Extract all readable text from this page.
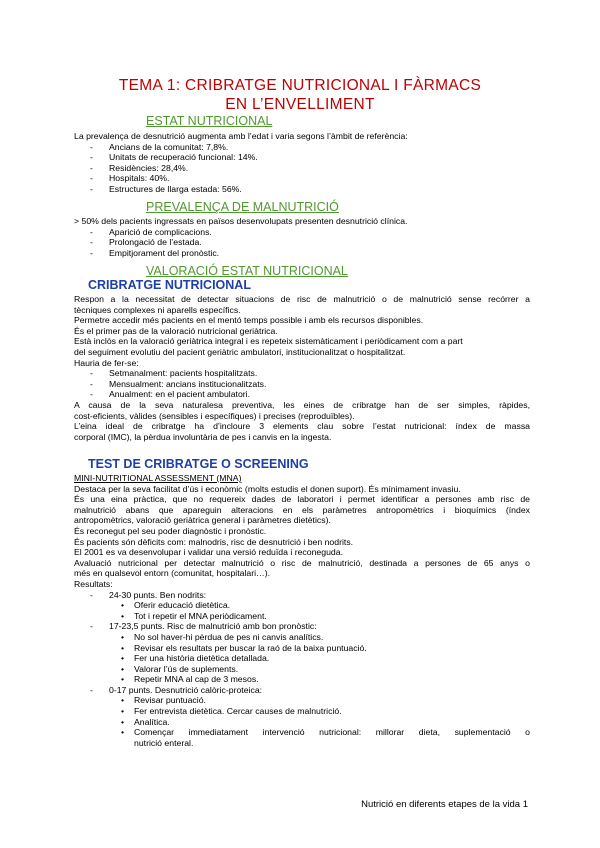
TEMA 1: CRIBRATGE NUTRICIONAL I FÀRMACS
EN L’ENVELLIMENT
ESTAT NUTRICIONAL
La prevalença de desnutrició augmenta amb l’edat i varia segons l’àmbit de referència:
- Ancians de la comunitat: 7,8%.
- Unitats de recuperació funcional: 14%.
- Residències: 28,4%.
- Hospitals: 40%.
- Estructures de llarga estada: 56%.
PREVALENÇA DE MALNUTRICIÓ
> 50% dels pacients ingressats en països desenvolupats presenten desnutrició clínica.
- Aparició de complicacions.
- Prolongació de l’estada.
- Empitjorament del pronòstic.
VALORACIÓ ESTAT NUTRICIONAL
CRIBRATGE NUTRICIONAL
Respon a la necessitat de detectar situacions de risc de malnutrició o de malnutrició sense recórrer a
tècniques complexes ni aparells específics.
Permetre accedir més pacients en el mentó temps possible i amb els recursos disponibles.
És el primer pas de la valoració nutricional geriàtrica.
Està inclòs en la valoració geriàtrica integral i es repeteix sistemàticament i periòdicament com a part
del seguiment evolutiu del pacient geriàtric ambulatori, institucionalitzat o hospitalitzat.
Hauria de fer-se:
- Setmanalment: pacients hospitalitzats.
- Mensualment: ancians institucionalitzats.
- Anualment: en el pacient ambulatori.
A causa de la seva naturalesa preventiva, les eines de cribratge han de ser simples, ràpides,
cost-eficients, vàlides (sensibles i específiques) i precises (reproduïbles).
L’eina ideal de cribratge ha d’incloure 3 elements clau sobre l’estat nutricional: índex de massa
corporal (IMC), la pèrdua involuntària de pes i canvis en la ingesta.
TEST DE CRIBRATGE O SCREENING
MINI-NUTRITIONAL ASSESSMENT (MNA)
Destaca per la seva facilitat d’ús i econòmic (molts estudis el donen suport). És mínimament invasiu.
És una eina pràctica, que no requereix dades de laboratori i permet identificar a persones amb risc de
malnutrició abans que apareguin alteracions en els paràmetres antropomètrics i bioquímics (índex
antropomètrics, valoració geriàtrica general i paràmetres dietètics).
És reconegut pel seu poder diagnòstic i pronòstic.
És pacients són dèficits com: malnodris, risc de desnutrició i ben nodrits.
El 2001 es va desenvolupar i validar una versió reduïda i reconeguda.
Avaluació nutricional per detectar malnutrició o risc de malnutrició, destinada a persones de 65 anys o
més en qualsevol entorn (comunitat, hospitalari…).
Resultats:
- 24-30 punts. Ben nodrits:
• Oferir educació dietètica.
• Tot i repetir el MNA periòdicament.
- 17-23,5 punts. Risc de malnutrició amb bon pronòstic:
• No sol haver-hi pèrdua de pes ni canvis analítics.
• Revisar els resultats per buscar la raó de la baixa puntuació.
• Fer una història dietètica detallada.
• Valorar l’ús de suplements.
• Repetir MNA al cap de 3 mesos.
- 0-17 punts. Desnutrició calòric-proteica:
• Revisar puntuació.
• Fer entrevista dietètica. Cercar causes de malnutrició.
• Analítica.
• Començar immediatament intervenció nutricional: millorar dieta, suplementació o
nutrició enteral.
Nutrició en diferents etapes de la vida 1
